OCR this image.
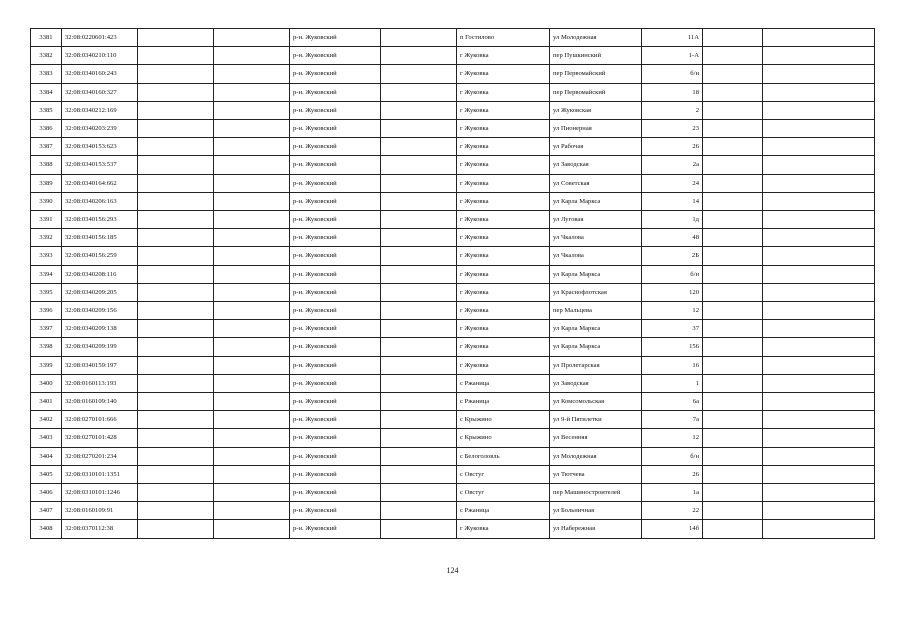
3381	32:08:0220601:423			р-н. Жуковский		п Гостилово	ул Молодежная	11А		
3382	32:08:0340210:110			р-н. Жуковский		г Жуковка	пер Пушкинский	1-А		
3383	32:08:0340160:243			р-н. Жуковский		г Жуковка	пер Первомайский	б/н		
3384	32:08:0340160:327			р-н. Жуковский		г Жуковка	пер Первомайский	18		
3385	32:08:0340212:169			р-н. Жуковский		г Жуковка	ул Жуковская	2		
3386	32:08:0340203:239			р-н. Жуковский		г Жуковка	ул Пионерная	23		
3387	32:08:0340153:623			р-н. Жуковский		г Жуковка	ул Рабочая	26		
3388	32:08:0340153:537			р-н. Жуковский		г Жуковка	ул Заводская	2а		
3389	32:08:0340164:662			р-н. Жуковский		г Жуковка	ул Советская	24		
3390	32:08:0340206:163			р-н. Жуковский		г Жуковка	ул Карла Маркса	14		
3391	32:08:0340156:293			р-н. Жуковский		г Жуковка	ул Луговая	1д		
3392	32:08:0340156:185			р-н. Жуковский		г Жуковка	ул Чкалова	48		
3393	32:08:0340156:259			р-н. Жуковский		г Жуковка	ул Чкалова	2Б		
3394	32:08:0340208:116			р-н. Жуковский		г Жуковка	ул Карла Маркса	б/н		
3395	32:08:0340209:205			р-н. Жуковский		г Жуковка	ул Краснофлотская	120		
3396	32:08:0340209:156			р-н. Жуковский		г Жуковка	пер Мальцева	12		
3397	32:08:0340209:138			р-н. Жуковский		г Жуковка	ул Карла Маркса	37		
3398	32:08:0340209:199			р-н. Жуковский		г Жуковка	ул Карла Маркса	156		
3399	32:08:0340159:197			р-н. Жуковский		г Жуковка	ул Пролетарская	16		
3400	32:08:0160113:193			р-н. Жуковский		с Ржаница	ул Заводская	1		
3401	32:08:0160109:140			р-н. Жуковский		с Ржаница	ул Комсомольская	6а		
3402	32:08:0270101:666			р-н. Жуковский		с Крыжино	ул 9-й Пятилетки	7а		
3403	32:08:0270101:428			р-н. Жуковский		с Крыжино	ул Весенняя	12		
3404	32:08:0270201:234			р-н. Жуковский		с Белоголовль	ул Молодежная	б/н		
3405	32:08:0310101:1351			р-н. Жуковский		с Овстуг	ул Тютчева	26		
3406	32:08:0310101:1246			р-н. Жуковский		с Овстуг	пер Машиностроителей	1а		
3407	32:08:0160109:91			р-н. Жуковский		с Ржаница	ул Больничная	22		
3408	32:08:0370112:38			р-н. Жуковский		г Жуковка	ул Набережная	14б		
124
